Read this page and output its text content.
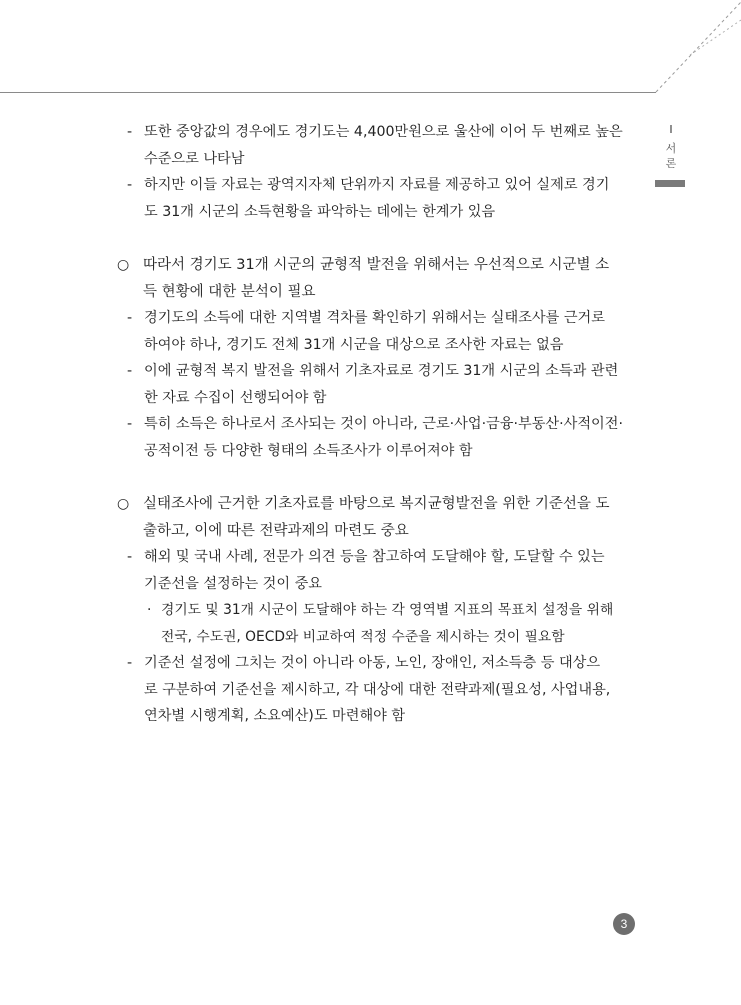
I
서
론
- 또한 중앙값의 경우에도 경기도는 4,400만원으로 울산에 이어 두 번째로 높은
수준으로 나타남
- 하지만 이들 자료는 광역지자체 단위까지 자료를 제공하고 있어 실제로 경기
도 31개 시군의 소득현황을 파악하는 데에는 한계가 있음
○ 따라서 경기도 31개 시군의 균형적 발전을 위해서는 우선적으로 시군별 소
득 현황에 대한 분석이 필요
- 경기도의 소득에 대한 지역별 격차를 확인하기 위해서는 실태조사를 근거로
하여야 하나, 경기도 전체 31개 시군을 대상으로 조사한 자료는 없음
- 이에 균형적 복지 발전을 위해서 기초자료로 경기도 31개 시군의 소득과 관련
한 자료 수집이 선행되어야 함
- 특히 소득은 하나로서 조사되는 것이 아니라, 근로·사업·금융·부동산·사적이전·
공적이전 등 다양한 형태의 소득조사가 이루어져야 함
○ 실태조사에 근거한 기초자료를 바탕으로 복지균형발전을 위한 기준선을 도
출하고, 이에 따른 전략과제의 마련도 중요
- 해외 및 국내 사례, 전문가 의견 등을 참고하여 도달해야 할, 도달할 수 있는
기준선을 설정하는 것이 중요
· 경기도 및 31개 시군이 도달해야 하는 각 영역별 지표의 목표치 설정을 위해
전국, 수도권, OECD와 비교하여 적정 수준을 제시하는 것이 필요함
- 기준선 설정에 그치는 것이 아니라 아동, 노인, 장애인, 저소득층 등 대상으
로 구분하여 기준선을 제시하고, 각 대상에 대한 전략과제(필요성, 사업내용,
연차별 시행계획, 소요예산)도 마련해야 함
3
